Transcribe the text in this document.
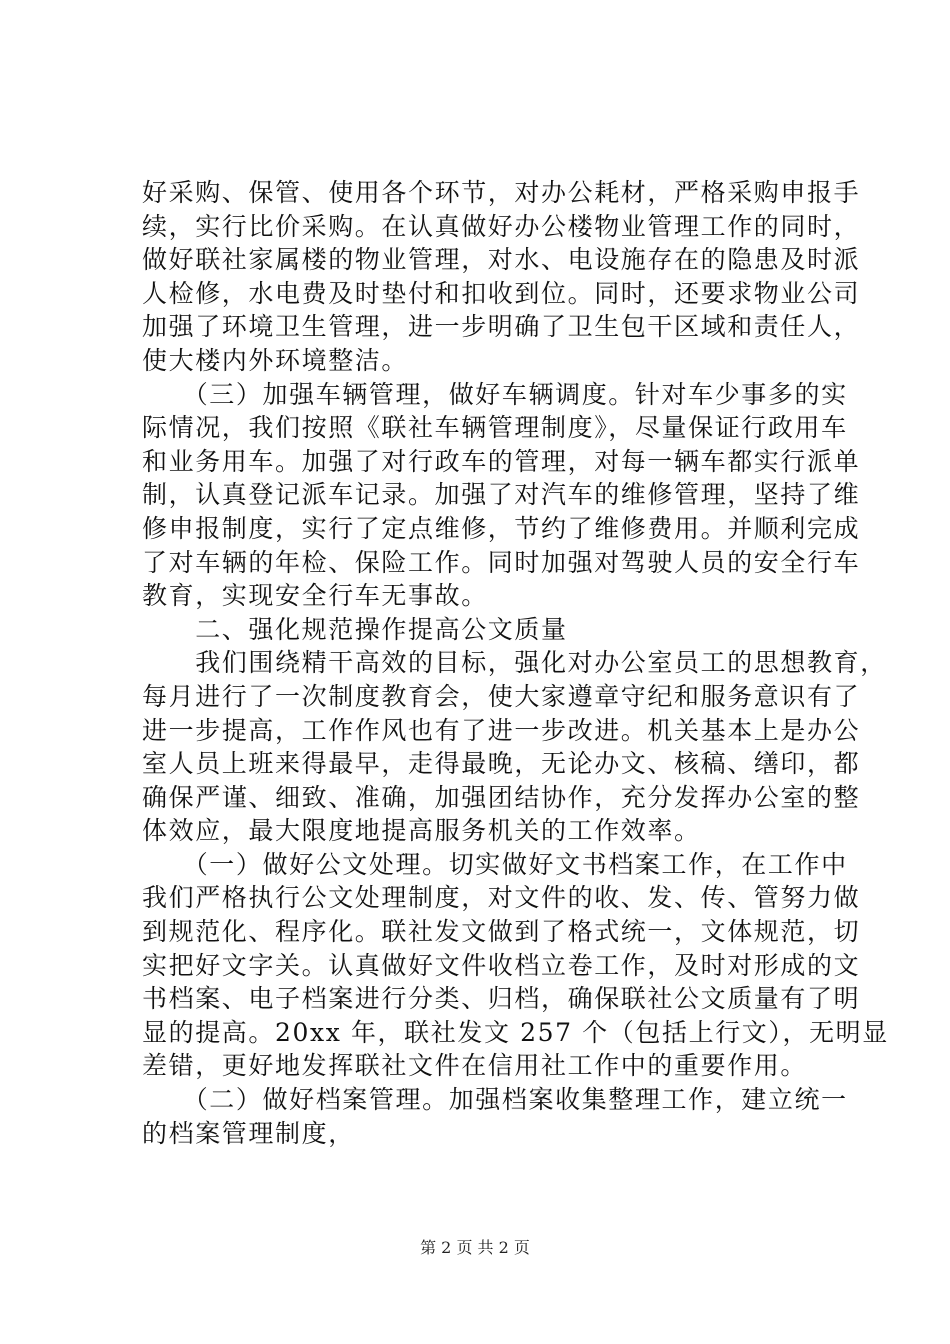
好采购、保管、使用各个环节，对办公耗材，严格采购申报手
续，实行比价采购。在认真做好办公楼物业管理工作的同时，
做好联社家属楼的物业管理，对水、电设施存在的隐患及时派
人检修，水电费及时垫付和扣收到位。同时，还要求物业公司
加强了环境卫生管理，进一步明确了卫生包干区域和责任人，
使大楼内外环境整洁。
　　（三）加强车辆管理，做好车辆调度。针对车少事多的实
际情况，我们按照《联社车辆管理制度》，尽量保证行政用车
和业务用车。加强了对行政车的管理，对每一辆车都实行派单
制，认真登记派车记录。加强了对汽车的维修管理，坚持了维
修申报制度，实行了定点维修，节约了维修费用。并顺利完成
了对车辆的年检、保险工作。同时加强对驾驶人员的安全行车
教育，实现安全行车无事故。
　　二、强化规范操作提高公文质量
　　我们围绕精干高效的目标，强化对办公室员工的思想教育，
每月进行了一次制度教育会，使大家遵章守纪和服务意识有了
进一步提高，工作作风也有了进一步改进。机关基本上是办公
室人员上班来得最早，走得最晚，无论办文、核稿、缮印，都
确保严谨、细致、准确，加强团结协作，充分发挥办公室的整
体效应，最大限度地提高服务机关的工作效率。
　　（一）做好公文处理。切实做好文书档案工作，在工作中
我们严格执行公文处理制度，对文件的收、发、传、管努力做
到规范化、程序化。联社发文做到了格式统一，文体规范，切
实把好文字关。认真做好文件收档立卷工作，及时对形成的文
书档案、电子档案进行分类、归档，确保联社公文质量有了明
显的提高。20xx 年，联社发文 257 个（包括上行文），无明显
差错，更好地发挥联社文件在信用社工作中的重要作用。
　　（二）做好档案管理。加强档案收集整理工作，建立统一
的档案管理制度，
第 2 页 共 2 页
